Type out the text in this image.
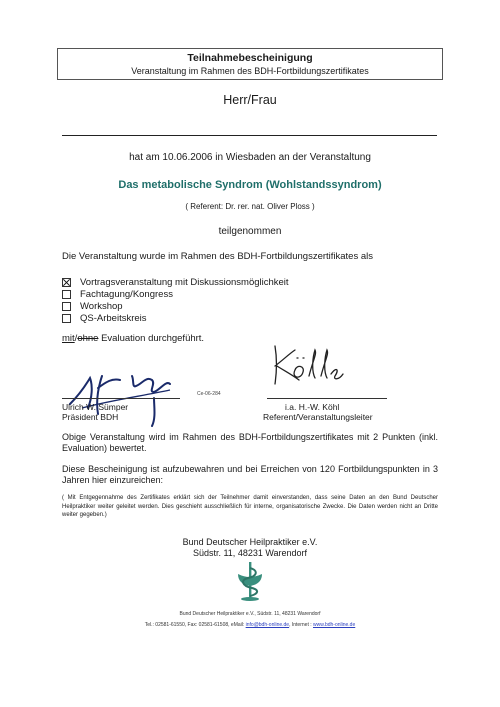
Teilnahmebescheinigung
Veranstaltung im Rahmen des BDH-Fortbildungszertifikates
Herr/Frau
hat am 10.06.2006 in Wiesbaden an der Veranstaltung
Das metabolische Syndrom (Wohlstandssyndrom)
( Referent: Dr. rer. nat. Oliver Ploss )
teilgenommen
Die Veranstaltung wurde im Rahmen des BDH-Fortbildungszertifikates als
Vortragsveranstaltung mit Diskussionsmöglichkeit
Fachtagung/Kongress
Workshop
QS-Arbeitskreis
mit/ohne Evaluation durchgeführt.
Ce-06-284
Ulrich W. Sümper
Präsident BDH
i.a. H.-W. Köhl
Referent/Veranstaltungsleiter
Obige Veranstaltung wird im Rahmen des BDH-Fortbildungszertifikates mit 2 Punkten (inkl. Evaluation) bewertet.
Diese Bescheinigung ist aufzubewahren und bei Erreichen von 120 Fortbildungspunkten in 3 Jahren hier einzureichen:
( Mit Entgegennahme des Zertifikates erklärt sich der Teilnehmer damit einverstanden, dass seine Daten an den Bund Deutscher Heilpraktiker weiter geleitet werden. Dies geschieht ausschließlich für interne, organisatorische Zwecke. Die Daten werden nicht an Dritte weiter gegeben.)
Bund Deutscher Heilpraktiker e.V.
Südstr. 11, 48231 Warendorf
Bund Deutscher Heilpraktiker e.V., Südstr. 11, 48231 Warendorf
Tel.: 02581-61550, Fax: 02581-61508, eMail: info@bdh-online.de, Internet : www.bdh-online.de
